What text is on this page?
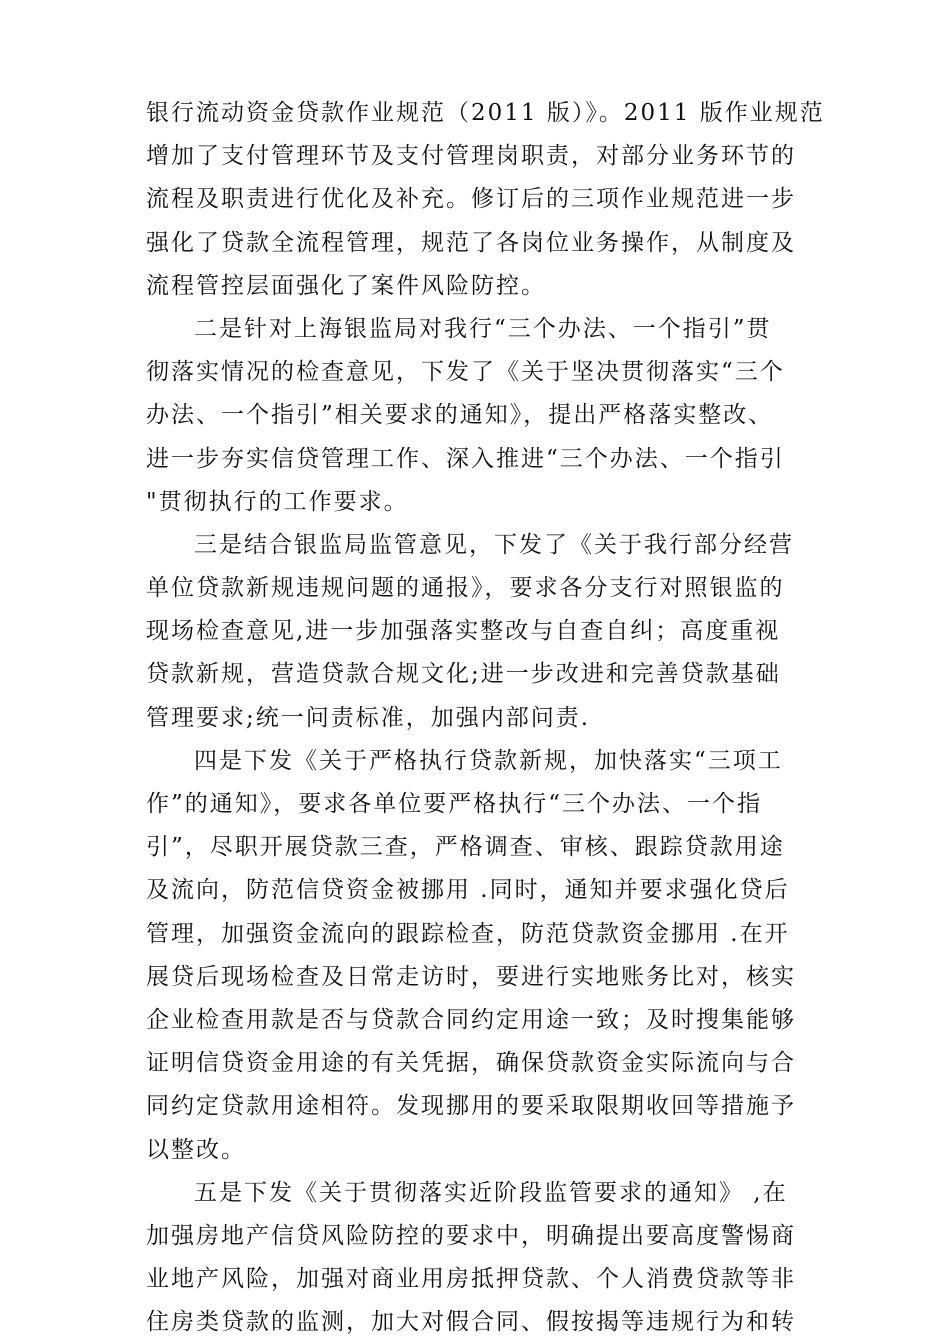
银行流动资金贷款作业规范（2011 版）》。2011 版作业规范
增加了支付管理环节及支付管理岗职责，对部分业务环节的
流程及职责进行优化及补充。修订后的三项作业规范进一步
强化了贷款全流程管理，规范了各岗位业务操作，从制度及
流程管控层面强化了案件风险防控。

二是针对上海银监局对我行“三个办法、一个指引”贯
彻落实情况的检查意见，下发了《关于坚决贯彻落实“三个
办法、一个指引”相关要求的通知》，提出严格落实整改、
进一步夯实信贷管理工作、深入推进“三个办法、一个指引
"贯彻执行的工作要求。

三是结合银监局监管意见，下发了《关于我行部分经营
单位贷款新规违规问题的通报》，要求各分支行对照银监的
现场检查意见,进一步加强落实整改与自查自纠；高度重视
贷款新规，营造贷款合规文化;进一步改进和完善贷款基础
管理要求;统一问责标准，加强内部问责.

四是下发《关于严格执行贷款新规，加快落实“三项工
作”的通知》，要求各单位要严格执行“三个办法、一个指
引”，尽职开展贷款三查，严格调查、审核、跟踪贷款用途
及流向，防范信贷资金被挪用 .同时，通知并要求强化贷后
管理，加强资金流向的跟踪检查，防范贷款资金挪用 .在开
展贷后现场检查及日常走访时，要进行实地账务比对，核实
企业检查用款是否与贷款合同约定用途一致；及时搜集能够
证明信贷资金用途的有关凭据，确保贷款资金实际流向与合
同约定贷款用途相符。发现挪用的要采取限期收回等措施予
以整改。

五是下发《关于贯彻落实近阶段监管要求的通知》 ,在
加强房地产信贷风险防控的要求中，明确提出要高度警惕商
业地产风险，加强对商业用房抵押贷款、个人消费贷款等非
住房类贷款的监测，加大对假合同、假按揭等违规行为和转
